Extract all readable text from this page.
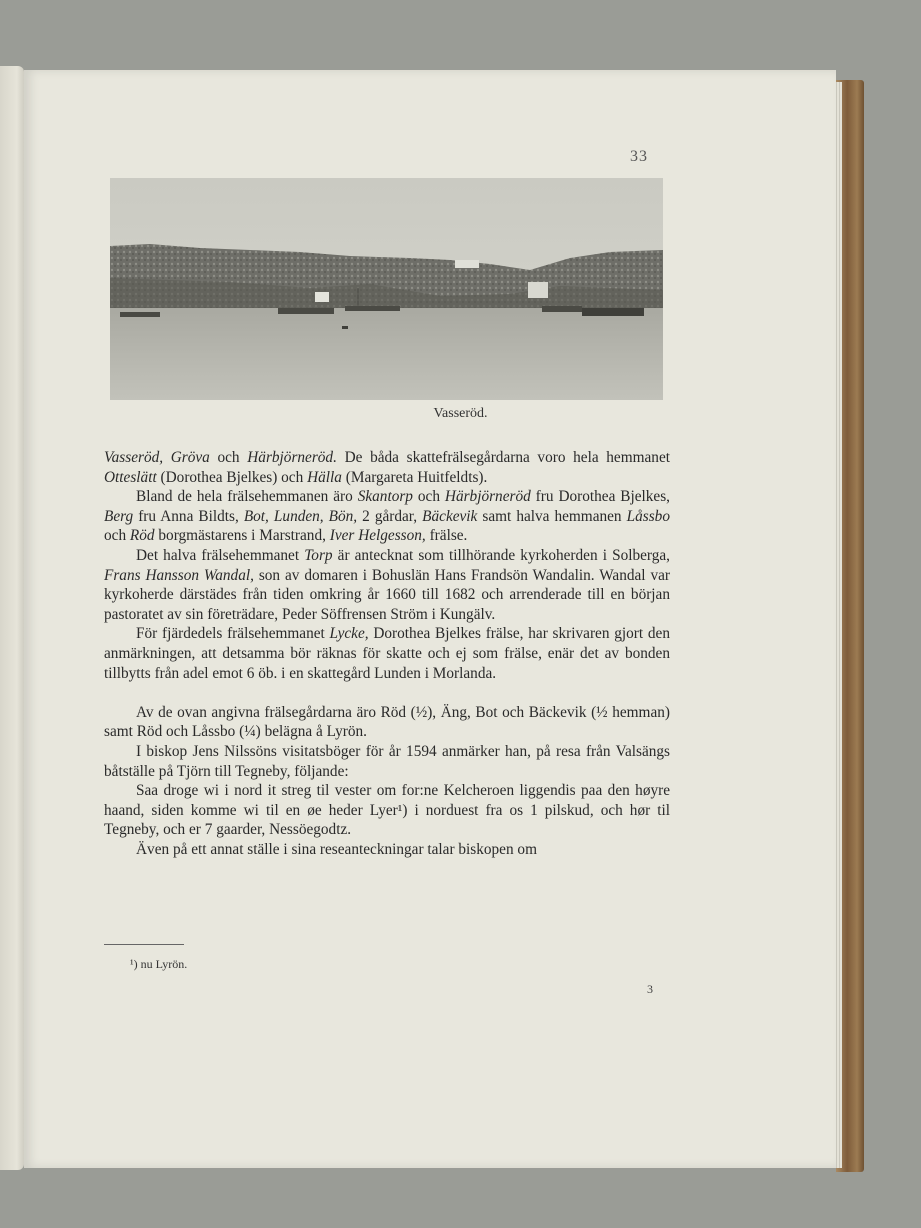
33
Vasseröd.

Vasseröd, Gröva och Härbjörneröd. De båda skattefrälsegårdarna voro hela hemmanet Otteslätt (Dorothea Bjelkes) och Hälla (Margareta Huitfeldts).

Bland de hela frälsehemmanen äro Skantorp och Härbjörneröd fru Dorothea Bjelkes, Berg fru Anna Bildts, Bot, Lunden, Bön, 2 gårdar, Bäckevik samt halva hemmanen Låssbo och Röd borgmästarens i Marstrand, Iver Helgesson, frälse.

Det halva frälsehemmanet Torp är antecknat som tillhörande kyrkoherden i Solberga, Frans Hansson Wandal, son av domaren i Bohuslän Hans Frandsön Wandalin. Wandal var kyrkoherde därstädes från tiden omkring år 1660 till 1682 och arrenderade till en början pastoratet av sin företrädare, Peder Söffrensen Ström i Kungälv.

För fjärdedels frälsehemmanet Lycke, Dorothea Bjelkes frälse, har skrivaren gjort den anmärkningen, att detsamma bör räknas för skatte och ej som frälse, enär det av bonden tillbytts från adel emot 6 öb. i en skattegård Lunden i Morlanda.

Av de ovan angivna frälsegårdarna äro Röd (½), Äng, Bot och Bäckevik (½ hemman) samt Röd och Låssbo (¼) belägna å Lyrön.

I biskop Jens Nilssöns visitatsböger för år 1594 anmärker han, på resa från Valsängs båtställe på Tjörn till Tegneby, följande:

Saa droge wi i nord it streg til vester om for:ne Kelcheroen liggendis paa den høyre haand, siden komme wi til en øe heder Lyer¹) i norduest fra os 1 pilskud, och hør til Tegneby, och er 7 gaarder, Nessöegodtz.

Även på ett annat ställe i sina reseanteckningar talar biskopen om

¹) nu Lyrön.
3
